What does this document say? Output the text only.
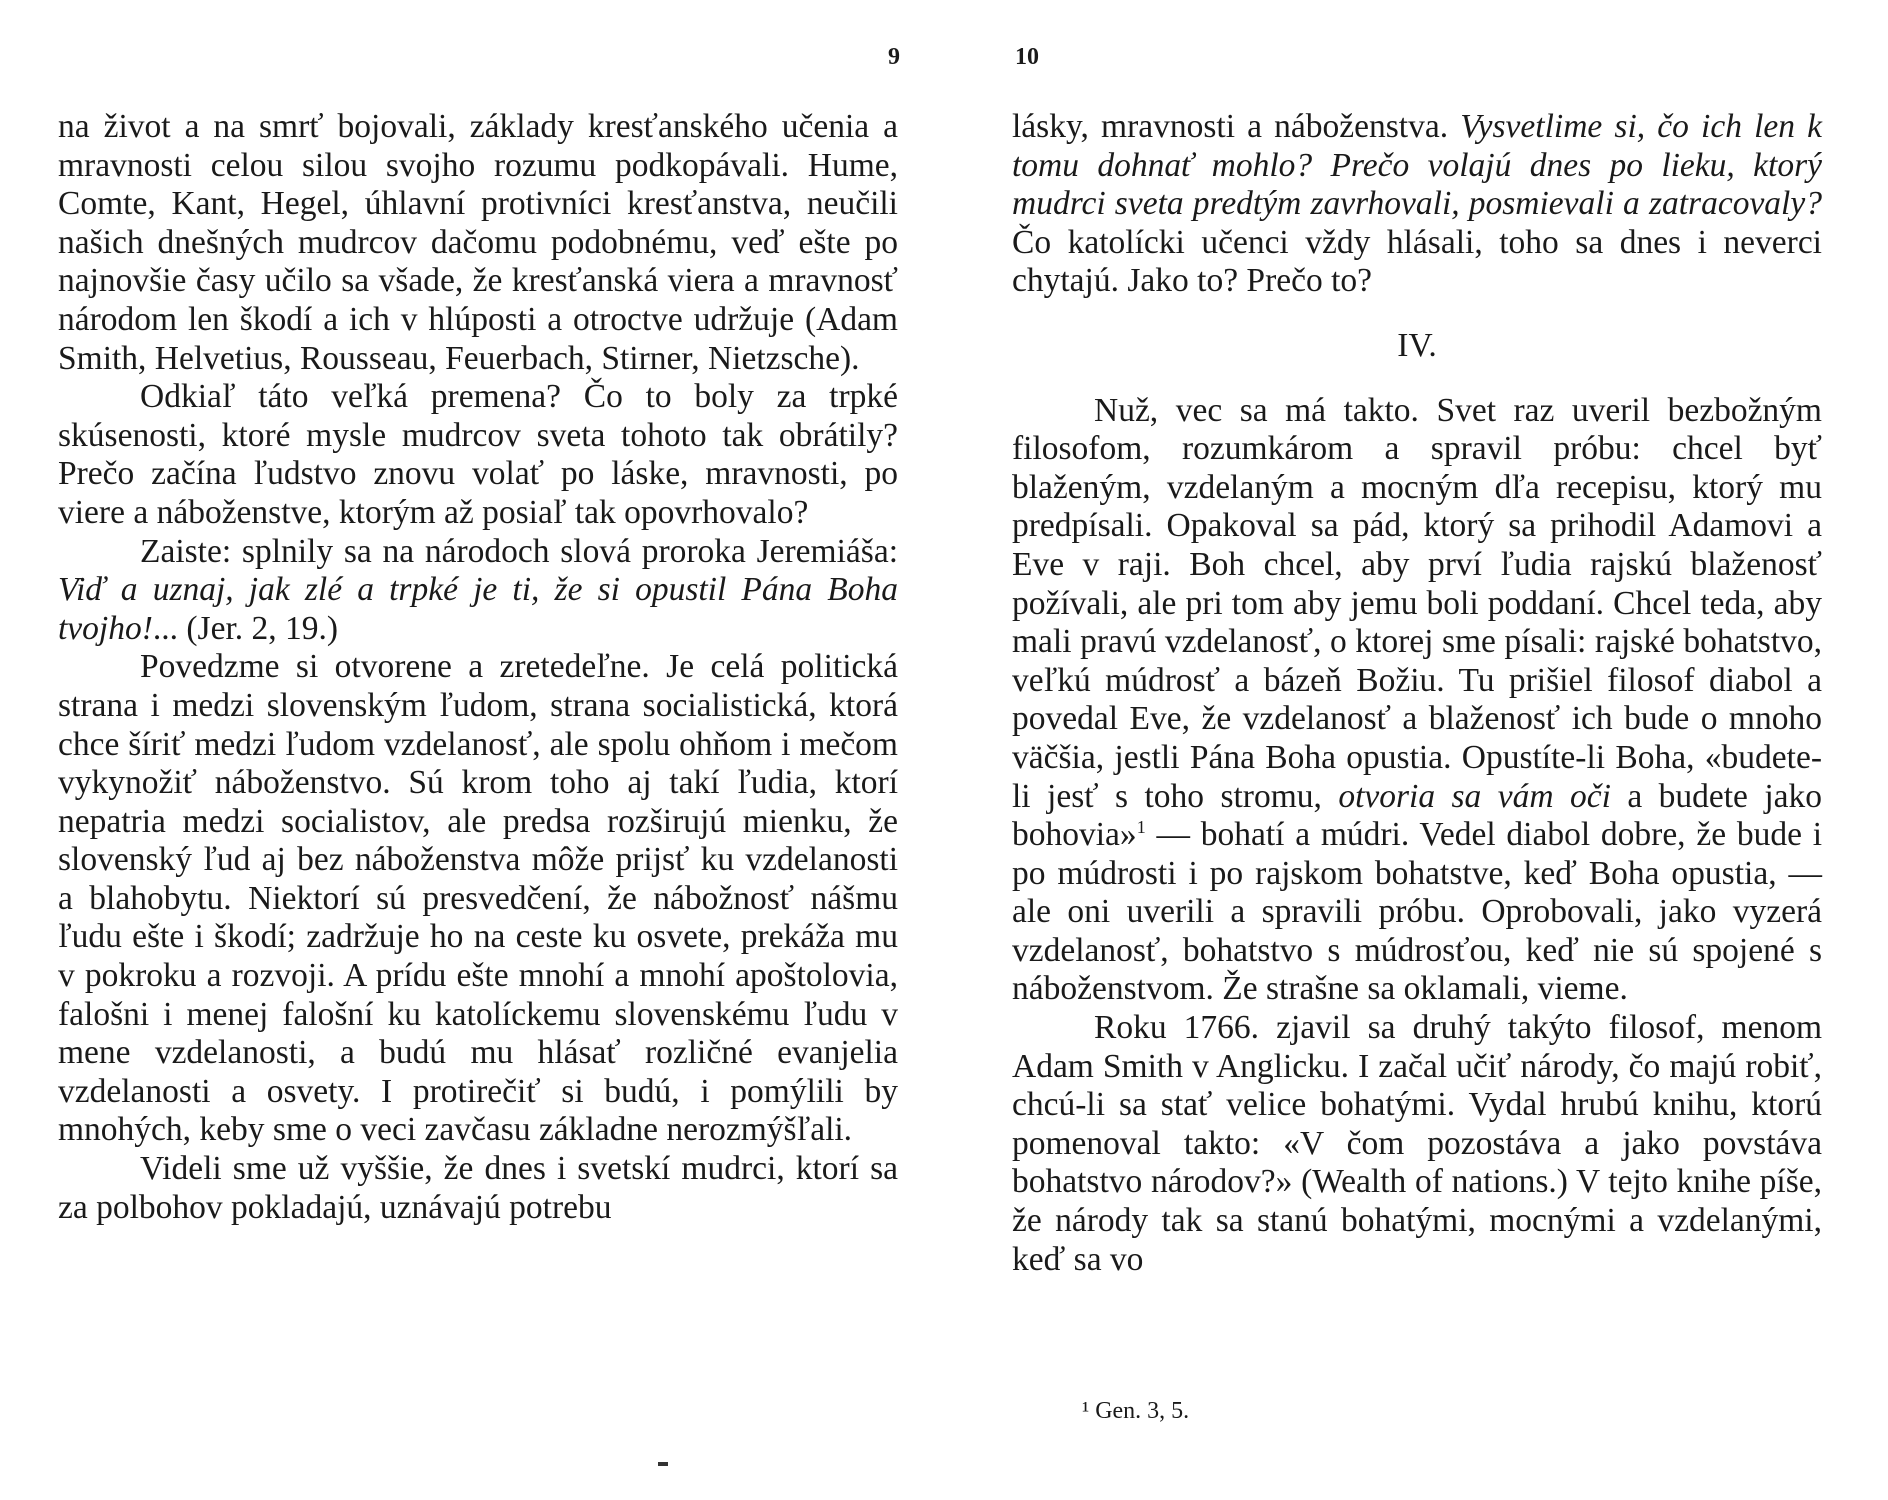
9

na život a na smrť bojovali, základy kresťanského učenia a mravnosti celou silou svojho rozumu podkopávali. Hume, Comte, Kant, Hegel, úhlavní protivníci kresťanstva, neučili našich dnešných mudrcov dačomu podobnému, veď ešte po najnovšie časy učilo sa všade, že kresťanská viera a mravnosť národom len škodí a ich v hlúposti a otroctve udržuje (Adam Smith, Helvetius, Rousseau, Feuerbach, Stirner, Nietzsche).

Odkiaľ táto veľká premena? Čo to boly za trpké skúsenosti, ktoré mysle mudrcov sveta tohoto tak obrátily? Prečo začína ľudstvo znovu volať po láske, mravnosti, po viere a náboženstve, ktorým až posiaľ tak opovrhovalo?

Zaiste: splnily sa na národoch slová proroka Jeremiáša: Viď a uznaj, jak zlé a trpké je ti, že si opustil Pána Boha tvojho!... (Jer. 2, 19.)

Povedzme si otvorene a zretedeľne. Je celá politická strana i medzi slovenským ľudom, strana socialistická, ktorá chce šíriť medzi ľudom vzdelanosť, ale spolu ohňom i mečom vykynožiť náboženstvo. Sú krom toho aj takí ľudia, ktorí nepatria medzi socialistov, ale predsa rozširujú mienku, že slovenský ľud aj bez náboženstva môže prijsť ku vzdelanosti a blahobytu. Niektorí sú presvedčení, že nábožnosť nášmu ľudu ešte i škodí; zadržuje ho na ceste ku osvete, prekáža mu v pokroku a rozvoji. A prídu ešte mnohí a mnohí apoštolovia, falošni i menej falošní ku katolíckemu slovenskému ľudu v mene vzdelanosti, a budú mu hlásať rozličné evanjelia vzdelanosti a osvety. I protirečiť si budú, i pomýlili by mnohých, keby sme o veci zavčasu základne nerozmýšľali.

Videli sme už vyššie, že dnes i svetskí mudrci, ktorí sa za polbohov pokladajú, uznávajú potrebu

10

lásky, mravnosti a náboženstva. Vysvetlime si, čo ich len k tomu dohnať mohlo? Prečo volajú dnes po lieku, ktorý mudrci sveta predtým zavrhovali, posmievali a zatracovaly? Čo katolícki učenci vždy hlásali, toho sa dnes i neverci chytajú. Jako to? Prečo to?

IV.

Nuž, vec sa má takto. Svet raz uveril bezbožným filosofom, rozumkárom a spravil próbu: chcel byť blaženým, vzdelaným a mocným dľa recepisu, ktorý mu predpísali. Opakoval sa pád, ktorý sa prihodil Adamovi a Eve v raji. Boh chcel, aby prví ľudia rajskú blaženosť požívali, ale pri tom aby jemu boli poddaní. Chcel teda, aby mali pravú vzdelanosť, o ktorej sme písali: rajské bohatstvo, veľkú múdrosť a bázeň Božiu. Tu prišiel filosof diabol a povedal Eve, že vzdelanosť a blaženosť ich bude o mnoho väčšia, jestli Pána Boha opustia. Opustíte-li Boha, «budete-li jesť s toho stromu, otvoria sa vám oči a budete jako bohovia»$^1$ — bohatí a múdri. Vedel diabol dobre, že bude i po múdrosti i po rajskom bohatstve, keď Boha opustia, — ale oni uverili a spravili próbu. Oprobovali, jako vyzerá vzdelanosť, bohatstvo s múdrosťou, keď nie sú spojené s náboženstvom. Že strašne sa oklamali, vieme.

Roku 1766. zjavil sa druhý takýto filosof, menom Adam Smith v Anglicku. I začal učiť národy, čo majú robiť, chcú-li sa stať velice bohatými. Vydal hrubú knihu, ktorú pomenoval takto: «V čom pozostáva a jako povstáva bohatstvo národov?» (Wealth of nations.) V tejto knihe píše, že národy tak sa stanú bohatými, mocnými a vzdelanými, keď sa vo

¹ Gen. 3, 5.
